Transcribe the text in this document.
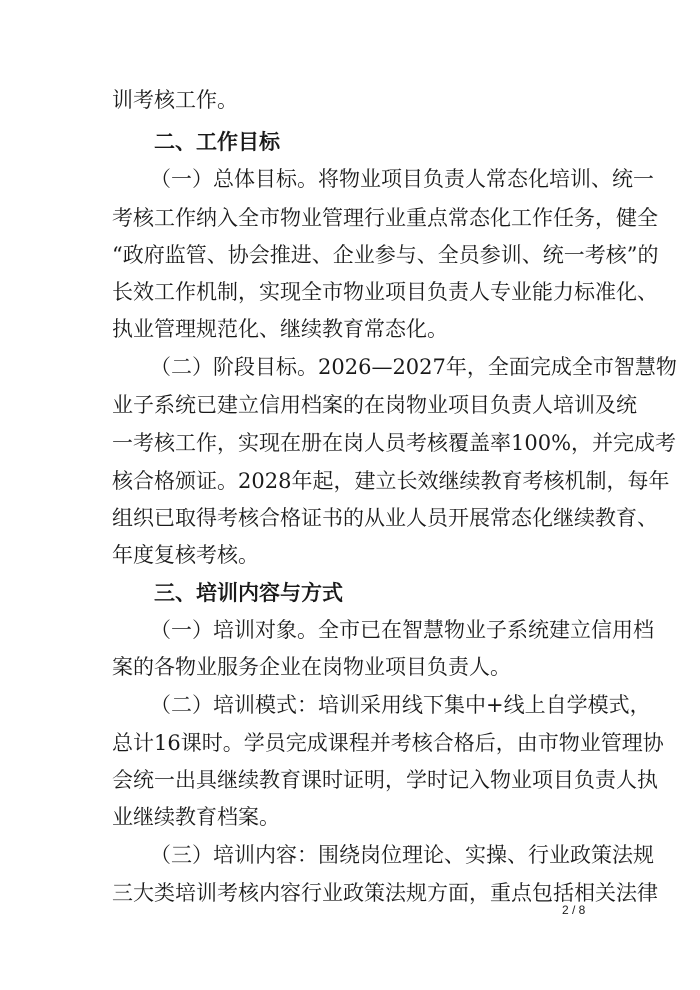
训考核工作。
二、工作目标
（一）总体目标。将物业项目负责人常态化培训、统一
考核工作纳入全市物业管理行业重点常态化工作任务，健全
“政府监管、协会推进、企业参与、全员参训、统一考核”的
长效工作机制，实现全市物业项目负责人专业能力标准化、
执业管理规范化、继续教育常态化。
（二）阶段目标。2026—2027年，全面完成全市智慧物
业子系统已建立信用档案的在岗物业项目负责人培训及统
一考核工作，实现在册在岗人员考核覆盖率100%，并完成考
核合格颁证。2028年起，建立长效继续教育考核机制，每年
组织已取得考核合格证书的从业人员开展常态化继续教育、
年度复核考核。
三、培训内容与方式
（一）培训对象。全市已在智慧物业子系统建立信用档
案的各物业服务企业在岗物业项目负责人。
（二）培训模式：培训采用线下集中+线上自学模式，
总计16课时。学员完成课程并考核合格后，由市物业管理协
会统一出具继续教育课时证明，学时记入物业项目负责人执
业继续教育档案。
（三）培训内容：围绕岗位理论、实操、行业政策法规
三大类培训考核内容行业政策法规方面，重点包括相关法律
2 / 8
